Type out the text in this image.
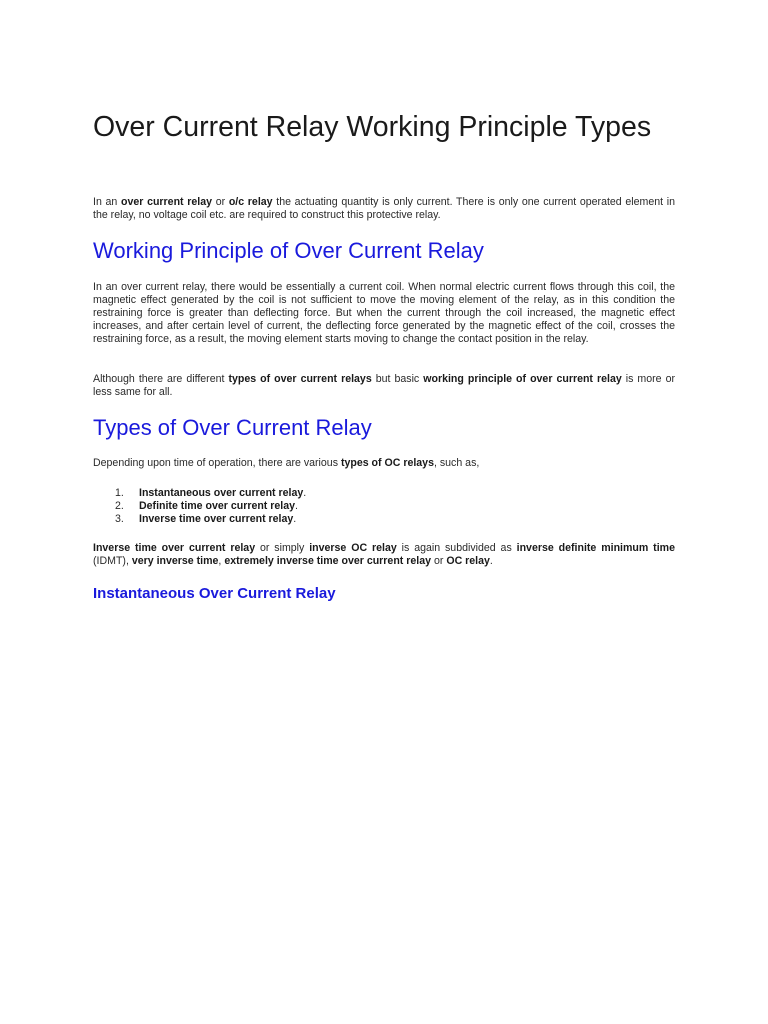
Over Current Relay Working Principle Types

In an over current relay or o/c relay the actuating quantity is only current. There is only one current operated element in the relay, no voltage coil etc. are required to construct this protective relay.

Working Principle of Over Current Relay

In an over current relay, there would be essentially a current coil. When normal electric current flows through this coil, the magnetic effect generated by the coil is not sufficient to move the moving element of the relay, as in this condition the restraining force is greater than deflecting force. But when the current through the coil increased, the magnetic effect increases, and after certain level of current, the deflecting force generated by the magnetic effect of the coil, crosses the restraining force, as a result, the moving element starts moving to change the contact position in the relay.

Although there are different types of over current relays but basic working principle of over current relay is more or less same for all.

Types of Over Current Relay

Depending upon time of operation, there are various types of OC relays, such as,

1. Instantaneous over current relay.
2. Definite time over current relay.
3. Inverse time over current relay.

Inverse time over current relay or simply inverse OC relay is again subdivided as inverse definite minimum time (IDMT), very inverse time, extremely inverse time over current relay or OC relay.

Instantaneous Over Current Relay
